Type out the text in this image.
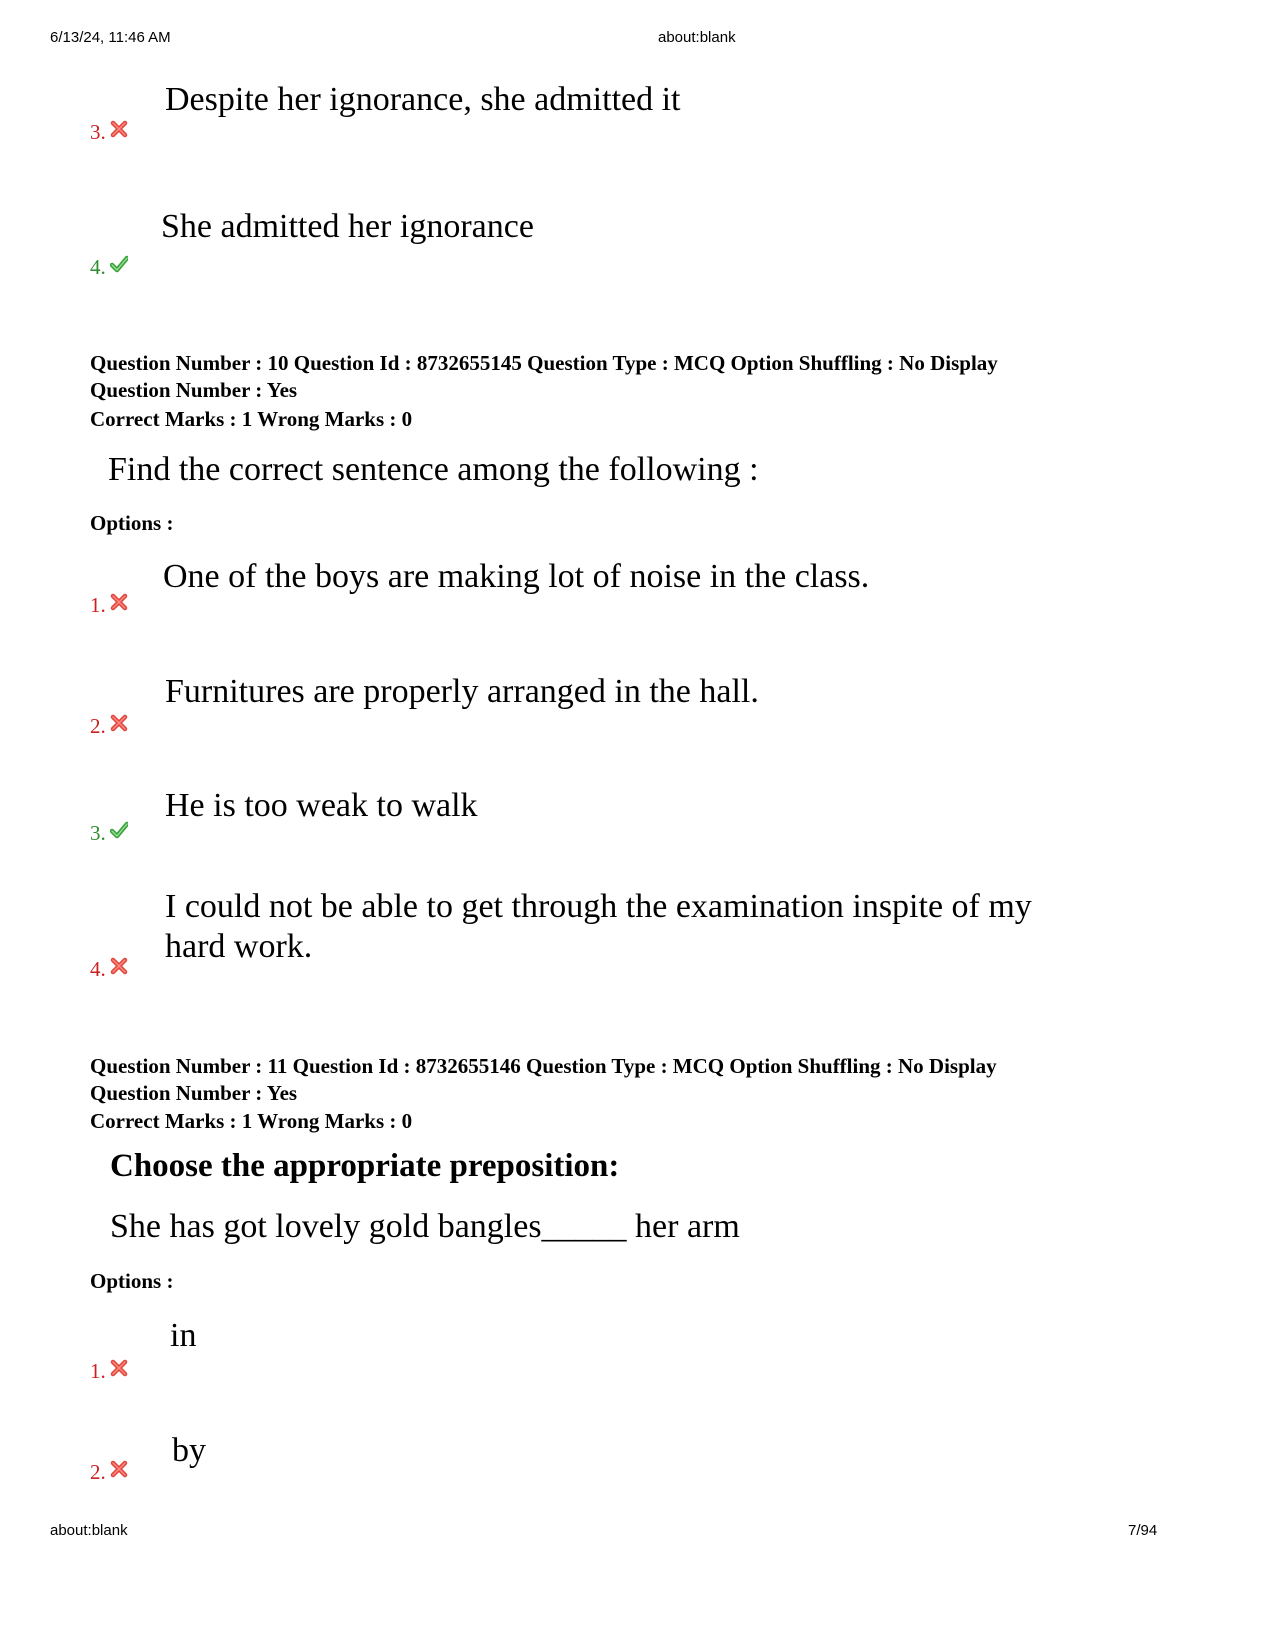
6/13/24, 11:46 AM	about:blank
Despite her ignorance, she admitted it
3.
She admitted her ignorance
4.
Question Number : 10 Question Id : 8732655145 Question Type : MCQ Option Shuffling : No Display
Question Number : Yes
Correct Marks : 1 Wrong Marks : 0
Find the correct sentence among the following :
Options :
One of the boys are making lot of noise in the class.
1.
Furnitures are properly arranged in the hall.
2.
He is too weak to walk
3.
I could not be able to get through the examination inspite of my
hard work.
4.
Question Number : 11 Question Id : 8732655146 Question Type : MCQ Option Shuffling : No Display
Question Number : Yes
Correct Marks : 1 Wrong Marks : 0
Choose the appropriate preposition:
She has got lovely gold bangles_____ her arm
Options :
in
1.
by
2.
about:blank	7/94
